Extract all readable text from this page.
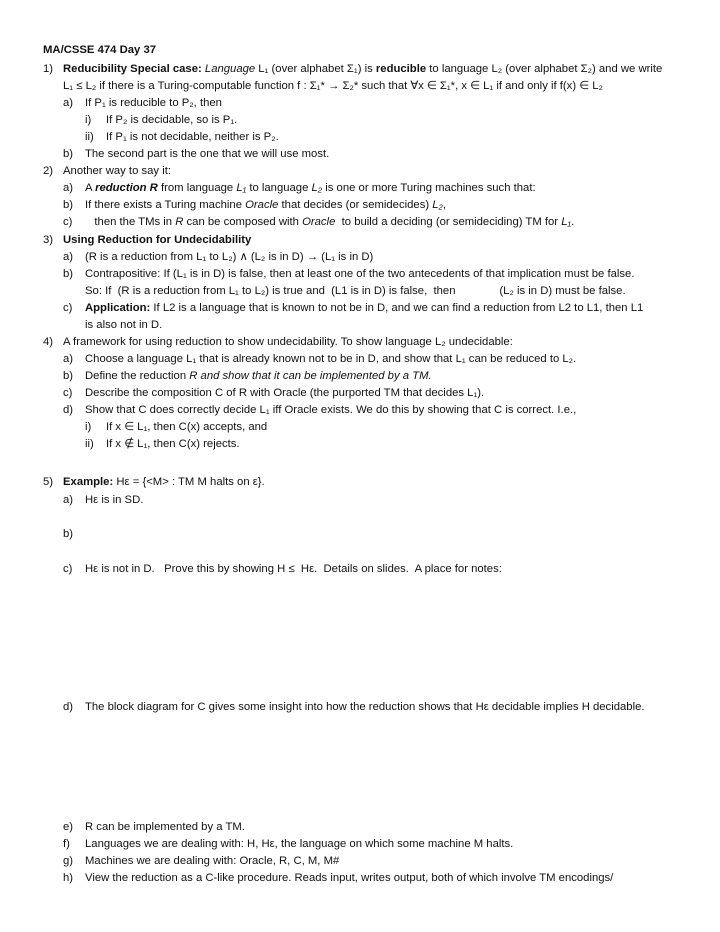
MA/CSSE 474 Day 37
1) Reducibility Special case: Language L₁ (over alphabet Σ₁) is reducible to language L₂ (over alphabet Σ₂) and we write
L₁ ≤ L₂ if there is a Turing-computable function f : Σ₁* → Σ₂* such that ∀x ∈ Σ₁*, x ∈ L₁ if and only if f(x) ∈ L₂
a) If P₁ is reducible to P₂, then
i) If P₂ is decidable, so is P₁.
ii) If P₁ is not decidable, neither is P₂.
b) The second part is the one that we will use most.
2) Another way to say it:
a) A reduction R from language L₁ to language L₂ is one or more Turing machines such that:
b) If there exists a Turing machine Oracle that decides (or semidecides) L₂,
c) then the TMs in R can be composed with Oracle  to build a deciding (or semideciding) TM for L₁.
3) Using Reduction for Undecidability
a) (R is a reduction from L₁ to L₂) ∧ (L₂ is in D) → (L₁ is in D)
b) Contrapositive: If (L₁ is in D) is false, then at least one of the two antecedents of that implication must be false.
So: If  (R is a reduction from L₁ to L₂) is true and  (L1 is in D) is false,  then              (L₂ is in D) must be false.
c) Application: If L2 is a language that is known to not be in D, and we can find a reduction from L2 to L1, then L1
is also not in D.
4) A framework for using reduction to show undecidability. To show language L₂ undecidable:
a) Choose a language L₁ that is already known not to be in D, and show that L₁ can be reduced to L₂.
b) Define the reduction R and show that it can be implemented by a TM.
c) Describe the composition C of R with Oracle (the purported TM that decides L₁).
d) Show that C does correctly decide L₁ iff Oracle exists. We do this by showing that C is correct. I.e.,
i) If x ∈ L₁, then C(x) accepts, and
ii) If x ∉ L₁, then C(x) rejects.
5) Example: Hε = {<M> : TM M halts on ε}.
a) Hε is in SD.
b)
c) Hε is not in D.   Prove this by showing H ≤  Hε.  Details on slides.  A place for notes:
d) The block diagram for C gives some insight into how the reduction shows that Hε decidable implies H decidable.
e) R can be implemented by a TM.
f) Languages we are dealing with: H, Hε, the language on which some machine M halts.
g) Machines we are dealing with: Oracle, R, C, M, M#
h) View the reduction as a C-like procedure. Reads input, writes output, both of which involve TM encodings/
